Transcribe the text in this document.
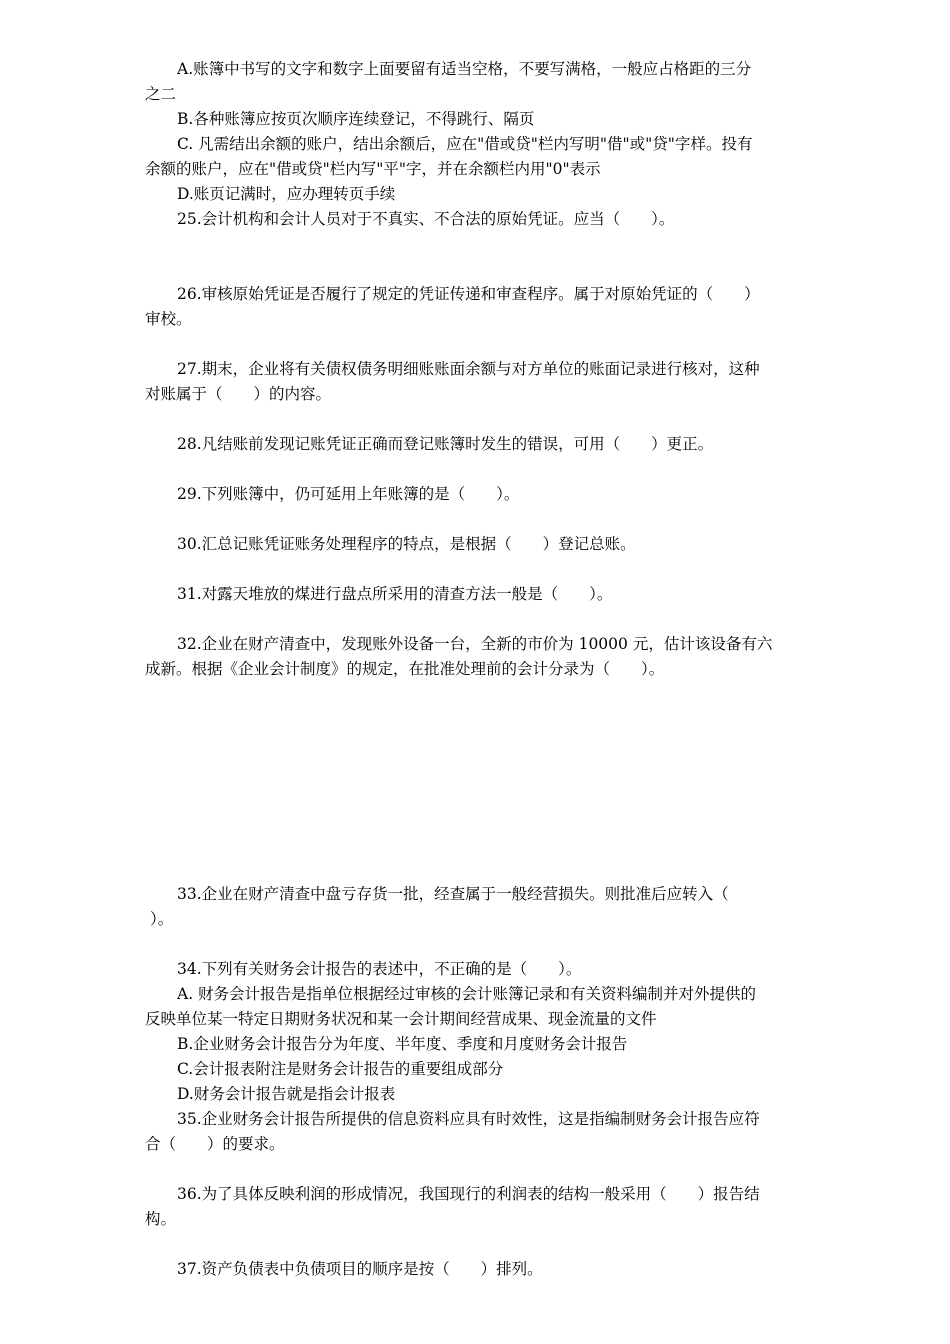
A.账簿中书写的文字和数字上面要留有适当空格，不要写满格，一般应占格距的三分
之二
B.各种账簿应按页次顺序连续登记，不得跳行、隔页
C. 凡需结出余额的账户，结出余额后，应在"借或贷"栏内写明"借"或"贷"字样。投有
余额的账户，应在"借或贷"栏内写"平"字，并在余额栏内用"0"表示
D.账页记满时，应办理转页手续
25.会计机构和会计人员对于不真实、不合法的原始凭证。应当（　　）。
26.审核原始凭证是否履行了规定的凭证传递和审查程序。属于对原始凭证的（　　）
审校。
27.期末，企业将有关债权债务明细账账面余额与对方单位的账面记录进行核对，这种
对账属于（　　）的内容。
28.凡结账前发现记账凭证正确而登记账簿时发生的错误，可用（　　）更正。
29.下列账簿中，仍可延用上年账簿的是（　　）。
30.汇总记账凭证账务处理程序的特点，是根据（　　）登记总账。
31.对露天堆放的煤进行盘点所采用的清查方法一般是（　　）。
32.企业在财产清查中，发现账外设备一台，全新的市价为 10000 元，估计该设备有六
成新。根据《企业会计制度》的规定，在批准处理前的会计分录为（　　）。
33.企业在财产清查中盘亏存货一批，经查属于一般经营损失。则批准后应转入（
）。
34.下列有关财务会计报告的表述中，不正确的是（　　）。
A. 财务会计报告是指单位根据经过审核的会计账簿记录和有关资料编制并对外提供的
反映单位某一特定日期财务状况和某一会计期间经营成果、现金流量的文件
B.企业财务会计报告分为年度、半年度、季度和月度财务会计报告
C.会计报表附注是财务会计报告的重要组成部分
D.财务会计报告就是指会计报表
35.企业财务会计报告所提供的信息资料应具有时效性，这是指编制财务会计报告应符
合（　　）的要求。
36.为了具体反映利润的形成情况，我国现行的利润表的结构一般采用（　　）报告结
构。
37.资产负债表中负债项目的顺序是按（　　）排列。
